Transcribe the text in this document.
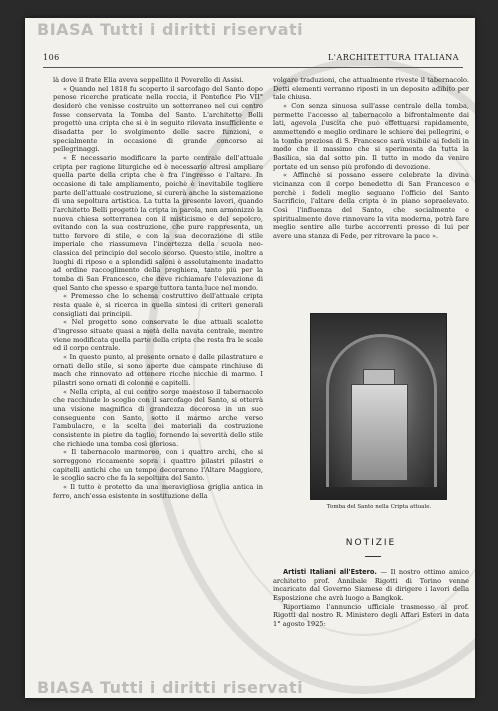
BIASA Tutti i diritti riservati
BIASA Tutti i diritti riservati
106	L'ARCHITETTURA ITALIANA

là dove il frate Elia aveva seppellito il Poverello di Assisi.

« Quando nel 1818 fu scoperto il sarcofago del Santo dopo penose ricerche praticate nella roccia, il Pontefice Pio VII° desiderò che venisse costruito un sotterraneo nel cui centro fosse conservata la Tomba del Santo. L'architetto Belli progettò una cripta che si è in seguito rilevata insufficiente e disadatta per lo svolgimento delle sacre funzioni, e specialmente in occasione di grande concorso ai pellegrinaggi.

« È necessario modificare la parte centrale dell'attuale cripta per ragione liturgiche ed è necessario altresì ampliare quella parte della cripta che è fra l'ingresso e l'altare. In occasione di tale ampliamento, poichè è inevitabile togliere parte dell'attuale costruzione, si curerà anche la sistemazione di una sepoltura artistica. La tutta la presente lavori, quando l'architetto Belli progettò la cripta in parola, non armonizzò la nuova chiesa sotterranea con il misticismo e del sepolcro, evitando con la sua costruzione, che pure rappresenta, un tutto fervore di stile, e con la sua decorazione di stile imperiale che riassumeva l'incertezza della scuola neo-classica del principio del secolo scorso. Questo stile, inoltre a luoghi di riposo e a splendidi saloni è assolutamente inadatto ad ordine raccoglimento della preghiera, tanto più per la tomba di San Francesco, che deve richiamare l'elevazione di quel Santo che spesso e sparge tuttora tanta luce nel mondo.

« Premesso che lo schema costruttivo dell'attuale cripta resta quale è, si ricerca in quella sintesi di criteri generali consigliati dai principii.

« Nel progetto sono conservate le due attuali scalette d'ingresso situate quasi a metà della navata centrale, mentre viene modificata quella parte della cripta che resta fra le scale ed il corpo centrale.

« In questo punto, al presente ornato e dalle pilastrature e ornati dello stile, si sono aperte due campate rinchiuse di mach che rinnovato ad ottenere ricche nicchie di marmo. I pilastri sono ornati di colonne e capitelli.

« Nella cripta, al cui centro sorge maestoso il tabernacolo che racchiude lo scoglio con il sarcofago del Santo, si otterrà una visione magnifica di grandezza decorosa in un suo conseguente con Santo, sotto il marmo arche verso l'ambulacro, e la scelta dei materiali da costruzione consistente in pietre da taglio, fornendo la severità dello stile che richiede una tomba così gloriosa.

« Il tabernacolo marmoreo, con i quattro archi, che si sorreggono riccamente sopra i quattro pilastri pilastri e capitelli antichi che un tempo decorarono l'Altare Maggiore, le scoglio sacro che fa la sepoltura del Santo.

« Il tutto è protetto da una meravigliosa griglia antica in ferro, anch'essa esistente in sostituzione della

volgare traduzioni, che attualmente riveste il tabernacolo. Detti elementi verranno riposti in un deposito adibito per tale chiusa.

« Con senza sinuosa sull'asse centrale della tomba, permette l'accesso al tabernacolo a bifrontalmente dai lati, agevola l'uscita che può effettuarsi rapidamente, ammettendo e meglio ordinare le schiere dei pellegrini, e la tomba preziosa di S. Francesco sarà visibile ai fedeli in modo che il massimo che si sperimenta da tutta la Basilica, sia dal sotto pin. Il tutto in modo da venire portate ed un senso più profondo di devozione.

« Affinchè si possano essere celebrate la divina vicinanza con il corpo benedetto di San Francesco e perchè i fedeli meglio seguano l'officio del Santo Sacrificio, l'altare della cripta è in piano sopraelevato. Così l'influenza del Santo, che socialmente e spiritualmente dove rinnovare la vita moderna, potrà fare meglio sentire alle turbe accorrenti presso di lui per avere una stanza di Fede, per ritrovare la pace ».

Tomba del Santo nella Cripta attuale.
NOTIZIE

Artisti Italiani all'Estero. — Il nostro ottimo amico architetto prof. Annibale Rigotti di Torino venne incaricato dal Governo Siamese di dirigere i lavori della Esposizione che avrà luogo a Bangkok.

Riportiamo l'annuncio ufficiale trasmesso al prof. Rigotti dal nostro R. Ministero degli Affari Esteri in data 1° agosto 1925:
